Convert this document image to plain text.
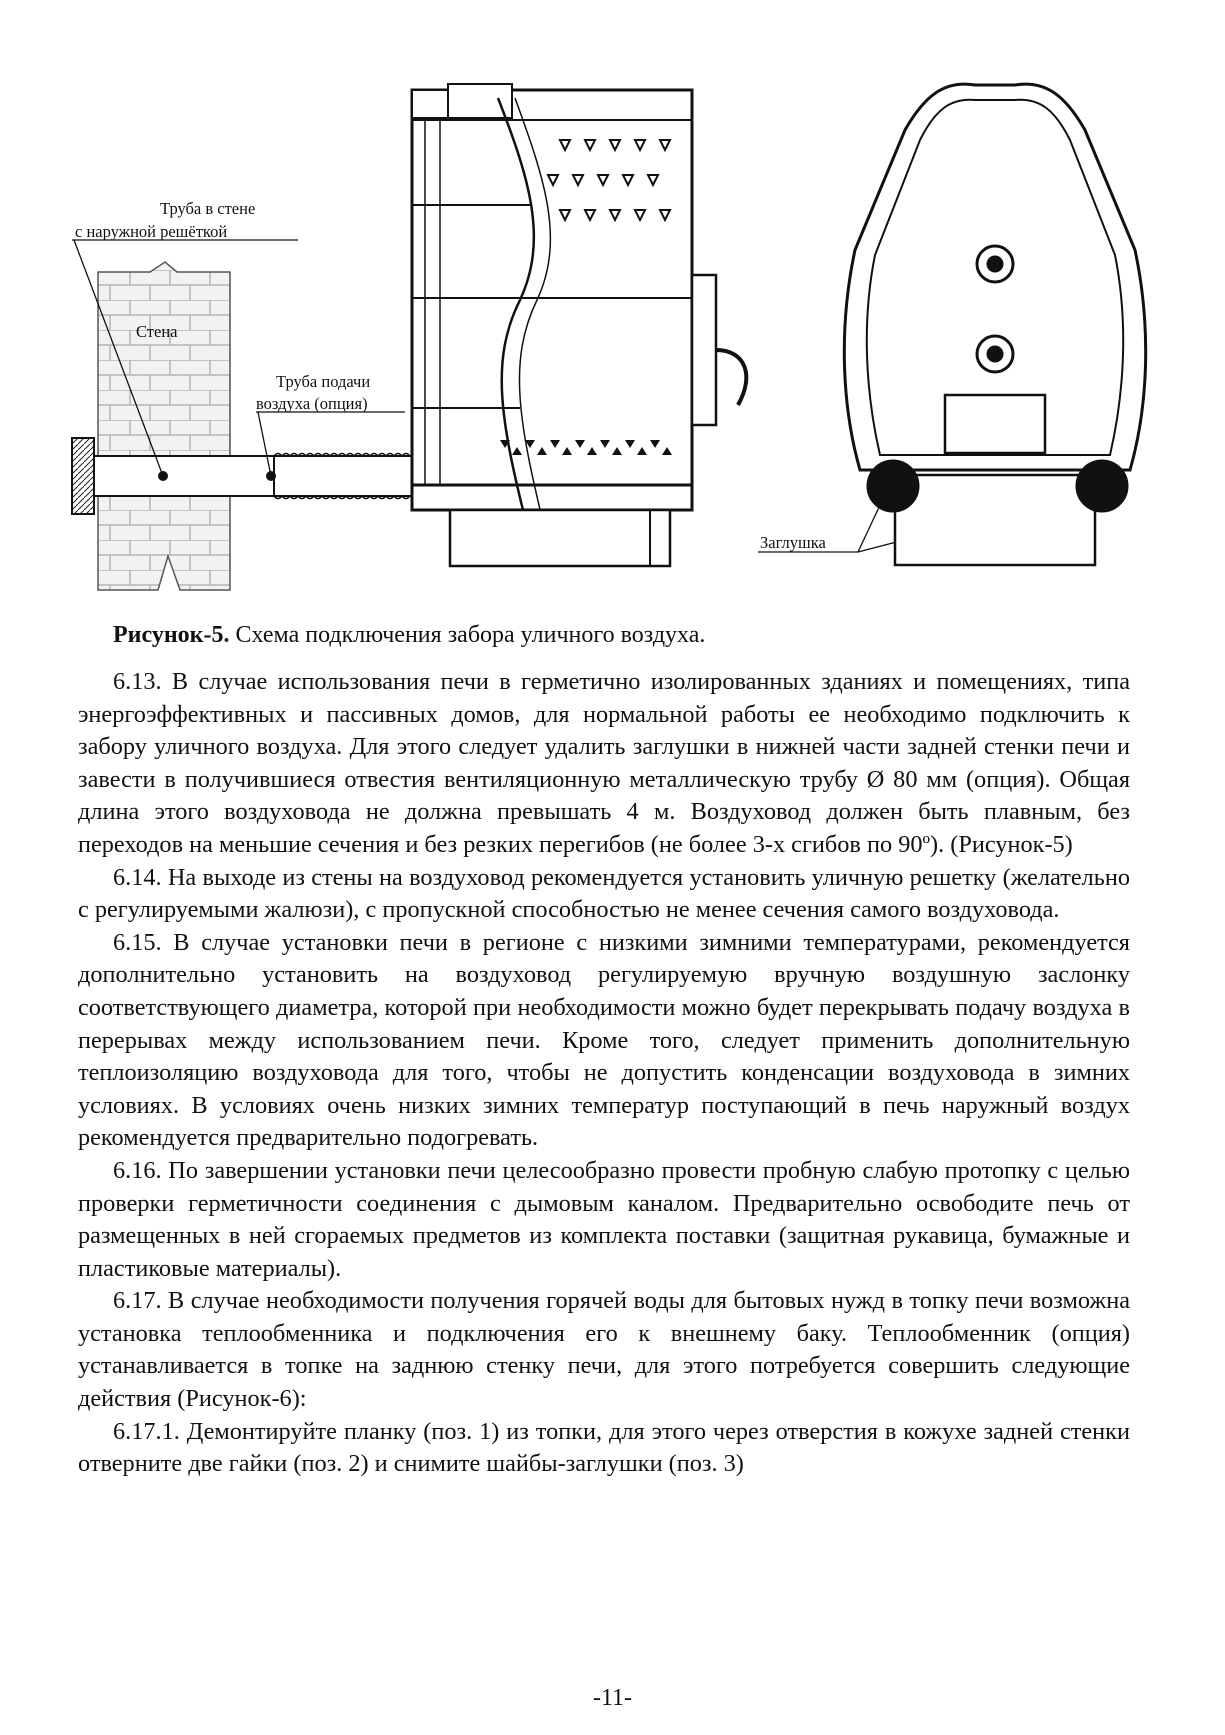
Труба в стене
с наружной решёткой
Стена
Труба подачи
воздуха (опция)
Заглушка
Рисунок-5. Схема подключения забора уличного воздуха.

6.13. В случае использования печи в герметично изолированных зданиях и помещениях, типа энергоэффективных и пассивных домов, для нормальной работы ее необходимо подключить к забору уличного воздуха. Для этого следует удалить заглушки в нижней части задней стенки печи и завести в получившиеся отвестия вентиляционную металлическую трубу Ø 80 мм (опция). Общая длина этого воздуховода не должна превышать 4 м. Воздуховод должен быть плавным, без переходов на меньшие сечения и без резких перегибов (не более 3-х сгибов по 90º). (Рисунок-5)

6.14. На выходе из стены на воздуховод рекомендуется установить уличную решетку (желательно с регулируемыми жалюзи), с пропускной способностью не менее сечения самого воздуховода.

6.15. В случае установки печи в регионе с низкими зимними температурами, рекомендуется дополнительно установить на воздуховод регулируемую вручную воздушную заслонку соответствующего диаметра, которой при необходимости можно будет перекрывать подачу воздуха в перерывах между использованием печи. Кроме того, следует применить дополнительную теплоизоляцию воздуховода для того, чтобы не допустить конденсации воздуховода в зимних условиях. В условиях очень низких зимних температур поступающий в печь наружный воздух рекомендуется предварительно подогревать.

6.16. По завершении установки печи целесообразно провести пробную слабую протопку с целью проверки герметичности соединения с дымовым каналом. Предварительно освободите печь от размещенных в ней сгораемых предметов из комплекта поставки (защитная рукавица, бумажные и пластиковые материалы).

6.17. В случае необходимости получения горячей воды для бытовых нужд в топку печи возможна установка теплообменника и подключения его к внешнему баку. Теплообменник (опция) устанавливается в топке на заднюю стенку печи, для этого потребуется совершить следующие действия (Рисунок-6):

6.17.1. Демонтируйте планку (поз. 1) из топки, для этого через отверстия в кожухе задней стенки отверните две гайки (поз. 2) и снимите шайбы-заглушки (поз. 3)

-11-
